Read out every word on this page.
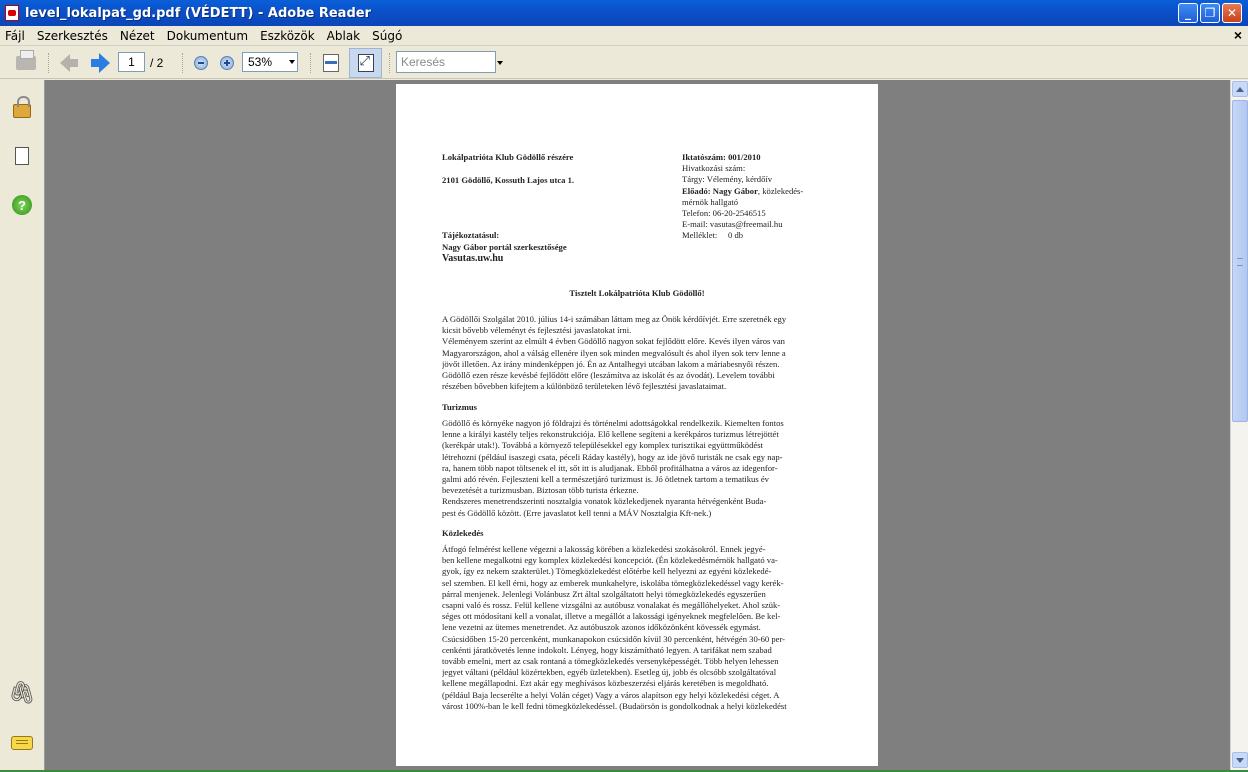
level_lokalpat_gd.pdf (VÉDETT) - Adobe Reader	_	❐ ✕
Fájl	Szerkesztés	Nézet	Dokumentum	Eszközök	Ablak	Súgó	×
1	/ 2	53%
⤢	Keresés
?
🖇
Lokálpatrióta Klub Gödöllő részére
2101 Gödöllő, Kossuth Lajos utca 1.
Iktatószám: 001/2010
Hivatkozási szám:
Tárgy: Vélemény, kérdőív
Előadó: Nagy Gábor, közlekedés-
mérnök hallgató
Telefon: 06-20-2546515
E-mail: vasutas@freemail.hu
Melléklet:     0 db
Tájékoztatásul:
Nagy Gábor portál szerkesztősége
Vasutas.uw.hu
Tisztelt Lokálpatrióta Klub Gödöllő!
A Gödöllői Szolgálat 2010. július 14-i számában láttam meg az Önök kérdőívjét. Erre szeretnék egy
kicsit bővebb véleményt és fejlesztési javaslatokat írni.
Véleményem szerint az elmúlt 4 évben Gödöllő nagyon sokat fejlődött előre. Kevés ilyen város van
Magyarországon, ahol a válság ellenére ilyen sok minden megvalósult és ahol ilyen sok terv lenne a
jövőt illetően. Az irány mindenképpen jó. Én az Antalhegyi utcában lakom a máriabesnyői részen.
Gödöllő ezen része kevésbé fejlődött előre (leszámítva az iskolát és az óvodát). Levelem további
részében bővebben kifejtem a különböző területeken lévő fejlesztési javaslataimat.
Turizmus
Gödöllő és környéke nagyon jó földrajzi és történelmi adottságokkal rendelkezik. Kiemelten fontos
lenne a királyi kastély teljes rekonstrukciója. Elő kellene segíteni a kerékpáros turizmus létrejöttét
(kerékpár utak!). Továbbá a környező településekkel egy komplex turisztikai együttműködést
létrehozni (például isaszegi csata, péceli Ráday kastély), hogy az ide jövő turisták ne csak egy nap-
ra, hanem több napot töltsenek el itt, sőt itt is aludjanak. Ebből profitálhatna a város az idegenfor-
galmi adó révén. Fejleszteni kell a természetjáró turizmust is. Jó ötletnek tartom a tematikus év
bevezetését a turizmusban. Biztosan több turista érkezne.
Rendszeres menetrendszerinti nosztalgia vonatok közlekedjenek nyaranta hétvégenként Buda-
pest és Gödöllő között. (Erre javaslatot kell tenni a MÁV Nosztalgia Kft-nek.)
Közlekedés
Átfogó felmérést kellene végezni a lakosság körében a közlekedési szokásokról. Ennek jegyé-
ben kellene megalkotni egy komplex közlekedési koncepciót. (Én közlekedésmérnök hallgató va-
gyok, így ez nekem szakterület.) Tömegközlekedést előtérbe kell helyezni az egyéni közlekedé-
sel szemben. El kell érni, hogy az emberek munkahelyre, iskolába tömegközlekedéssel vagy kerék-
párral menjenek. Jelenlegi Volánbusz Zrt által szolgáltatott helyi tömegközlekedés egyszerűen
csapni való és rossz. Felül kellene vizsgálni az autóbusz vonalakat és megállóhelyeket. Ahol szük-
séges ott módosítani kell a vonalat, illetve a megállót a lakossági igényeknek megfelelően. Be kel-
lene vezetni az ütemes menetrendet. Az autóbuszok azonos időközönként kövessék egymást.
Csúcsidőben 15-20 percenként, munkanapokon csúcsidőn kívül 30 percenként, hétvégén 30-60 per-
cenkénti járatkövetés lenne indokolt. Lényeg, hogy kiszámítható legyen. A tarifákat nem szabad
tovább emelni, mert az csak rontaná a tömegközlekedés versenyképességét. Több helyen lehessen
jegyet váltani (például közértekben, egyéb üzletekben). Esetleg új, jobb és olcsóbb szolgáltatóval
kellene megállapodni. Ezt akár egy meghívásos közbeszerzési eljárás keretében is megoldható.
(például Baja lecserélte a helyi Volán céget) Vagy a város alapítson egy helyi közlekedési céget. A
várost 100%-ban le kell fedni tömegközlekedéssel. (Budaörsön is gondolkodnak a helyi közlekedést
